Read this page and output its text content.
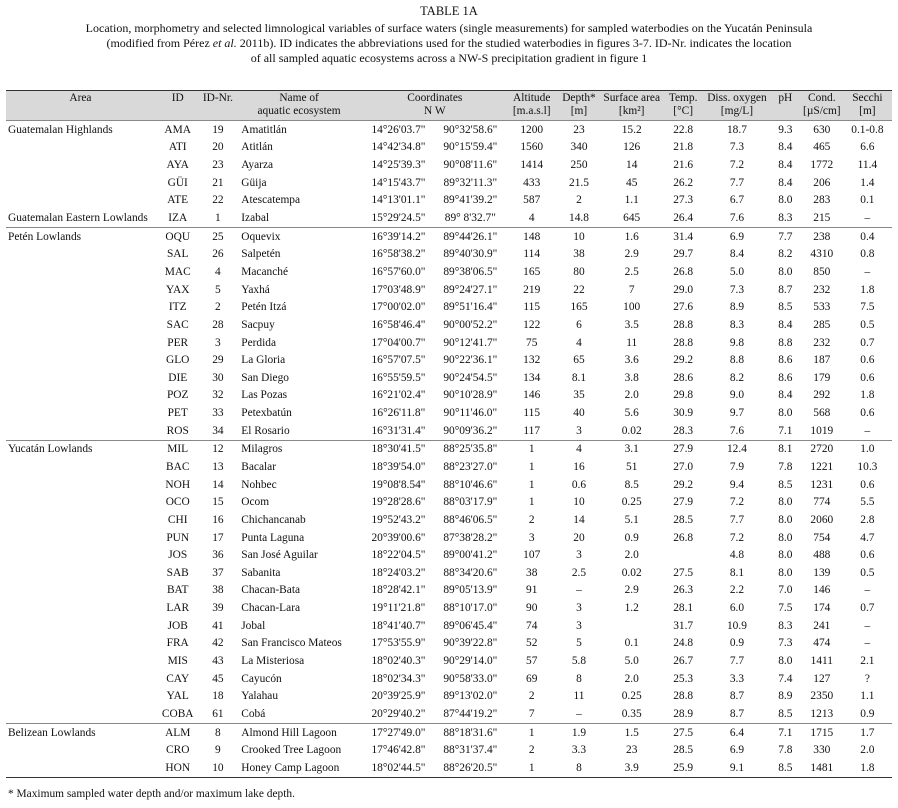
TABLE 1A

Location, morphometry and selected limnological variables of surface waters (single measurements) for sampled waterbodies on the Yucatán Peninsula

(modified from Pérez et al. 2011b). ID indicates the abbreviations used for the studied waterbodies in figures 3-7. ID-Nr. indicates the location

of all sampled aquatic ecosystems across a NW-S precipitation gradient in figure 1

Area	ID	ID-Nr.	Name of
aquatic ecosystem	Coordinates
N W		Altitude
[m.a.s.l]	Depth*
[m]	Surface area
[km²]	Temp.
[°C]	Diss. oxygen
[mg/L]	pH	Cond.
[µS/cm]	Secchi
[m]
Guatemalan Highlands	AMA	19	Amatitlán	14°26'03.7"	90°32'58.6"	1200	23	15.2	22.8	18.7	9.3	630	0.1-0.8
	ATI	20	Atitlán	14°42'34.8"	90°15'59.4"	1560	340	126	21.8	7.3	8.4	465	6.6
	AYA	23	Ayarza	14°25'39.3"	90°08'11.6"	1414	250	14	21.6	7.2	8.4	1772	11.4
	GÜI	21	Güija	14°15'43.7"	89°32'11.3"	433	21.5	45	26.2	7.7	8.4	206	1.4
	ATE	22	Atescatempa	14°13'01.1"	89°41'39.2"	587	2	1.1	27.3	6.7	8.0	283	0.1
Guatemalan Eastern Lowlands	IZA	1	Izabal	15°29'24.5"	89° 8'32.7"	4	14.8	645	26.4	7.6	8.3	215	–
Petén Lowlands	OQU	25	Oquevix	16°39'14.2"	89°44'26.1"	148	10	1.6	31.4	6.9	7.7	238	0.4
	SAL	26	Salpetén	16°58'38.2"	89°40'30.9"	114	38	2.9	29.7	8.4	8.2	4310	0.8
	MAC	4	Macanché	16°57'60.0"	89°38'06.5"	165	80	2.5	26.8	5.0	8.0	850	–
	YAX	5	Yaxhá	17°03'48.9"	89°24'27.1"	219	22	7	29.0	7.3	8.7	232	1.8
	ITZ	2	Petén Itzá	17°00'02.0"	89°51'16.4"	115	165	100	27.6	8.9	8.5	533	7.5
	SAC	28	Sacpuy	16°58'46.4"	90°00'52.2"	122	6	3.5	28.8	8.3	8.4	285	0.5
	PER	3	Perdida	17°04'00.7"	90°12'41.7"	75	4	11	28.8	9.8	8.8	232	0.7
	GLO	29	La Gloria	16°57'07.5"	90°22'36.1"	132	65	3.6	29.2	8.8	8.6	187	0.6
	DIE	30	San Diego	16°55'59.5"	90°24'54.5"	134	8.1	3.8	28.6	8.2	8.6	179	0.6
	POZ	32	Las Pozas	16°21'02.4"	90°10'28.9"	146	35	2.0	29.8	9.0	8.4	292	1.8
	PET	33	Petexbatún	16°26'11.8"	90°11'46.0"	115	40	5.6	30.9	9.7	8.0	568	0.6
	ROS	34	El Rosario	16°31'31.4"	90°09'36.2"	117	3	0.02	28.3	7.6	7.1	1019	–
Yucatán Lowlands	MIL	12	Milagros	18°30'41.5"	88°25'35.8"	1	4	3.1	27.9	12.4	8.1	2720	1.0
	BAC	13	Bacalar	18°39'54.0"	88°23'27.0"	1	16	51	27.0	7.9	7.8	1221	10.3
	NOH	14	Nohbec	19°08'8.54"	88°10'46.6"	1	0.6	8.5	29.2	9.4	8.5	1231	0.6
	OCO	15	Ocom	19°28'28.6"	88°03'17.9"	1	10	0.25	27.9	7.2	8.0	774	5.5
	CHI	16	Chichancanab	19°52'43.2"	88°46'06.5"	2	14	5.1	28.5	7.7	8.0	2060	2.8
	PUN	17	Punta Laguna	20°39'00.6"	87°38'28.2"	3	20	0.9	26.8	7.2	8.0	754	4.7
	JOS	36	San José Aguilar	18°22'04.5"	89°00'41.2"	107	3	2.0		4.8	8.0	488	0.6
	SAB	37	Sabanita	18°24'03.2"	88°34'20.6"	38	2.5	0.02	27.5	8.1	8.0	139	0.5
	BAT	38	Chacan-Bata	18°28'42.1"	89°05'13.9"	91	–	2.9	26.3	2.2	7.0	146	–
	LAR	39	Chacan-Lara	19°11'21.8"	88°10'17.0"	90	3	1.2	28.1	6.0	7.5	174	0.7
	JOB	41	Jobal	18°41'40.7"	89°06'45.4"	74	3		31.7	10.9	8.3	241	–
	FRA	42	San Francisco Mateos	17°53'55.9"	90°39'22.8"	52	5	0.1	24.8	0.9	7.3	474	–
	MIS	43	La Misteriosa	18°02'40.3"	90°29'14.0"	57	5.8	5.0	26.7	7.7	8.0	1411	2.1
	CAY	45	Cayucón	18°02'34.3"	90°58'33.0"	69	8	2.0	25.3	3.3	7.4	127	?
	YAL	18	Yalahau	20°39'25.9"	89°13'02.0"	2	11	0.25	28.8	8.7	8.9	2350	1.1
	COBA	61	Cobá	20°29'40.2"	87°44'19.2"	7	–	0.35	28.9	8.7	8.5	1213	0.9
Belizean Lowlands	ALM	8	Almond Hill Lagoon	17°27'49.0"	88°18'31.6"	1	1.9	1.5	27.5	6.4	7.1	1715	1.7
	CRO	9	Crooked Tree Lagoon	17°46'42.8"	88°31'37.4"	2	3.3	23	28.5	6.9	7.8	330	2.0
	HON	10	Honey Camp Lagoon	18°02'44.5"	88°26'20.5"	1	8	3.9	25.9	9.1	8.5	1481	1.8
* Maximum sampled water depth and/or maximum lake depth.
